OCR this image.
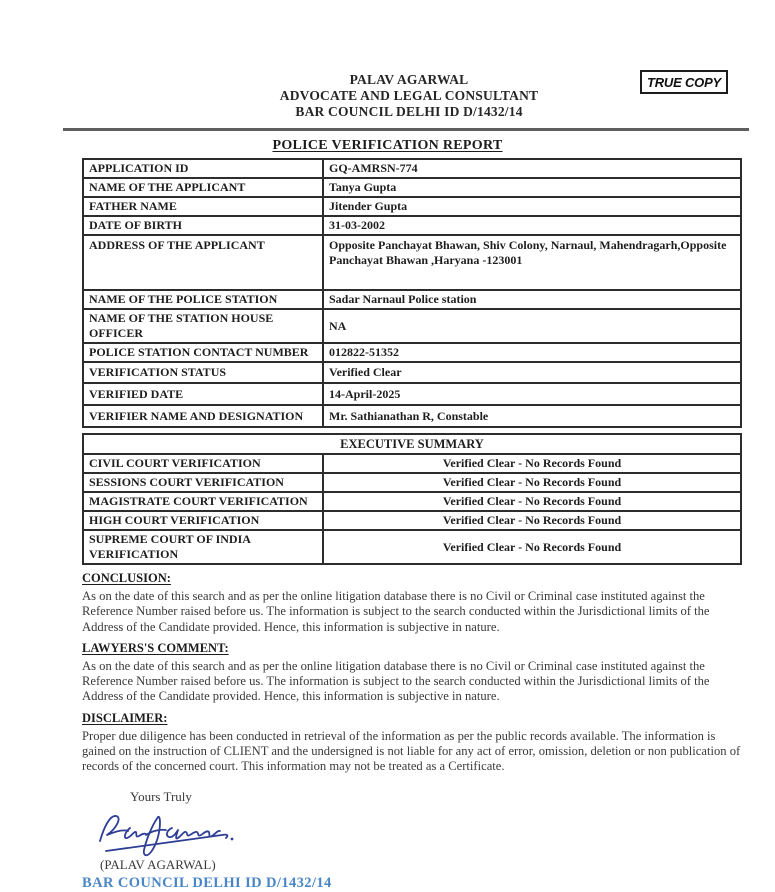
PALAV AGARWAL
ADVOCATE AND LEGAL CONSULTANT
BAR COUNCIL DELHI ID D/1432/14
TRUE COPY
POLICE VERIFICATION REPORT
APPLICATION ID	GQ-AMRSN-774
NAME OF THE APPLICANT	Tanya Gupta
FATHER NAME	Jitender Gupta
DATE OF BIRTH	31-03-2002
ADDRESS OF THE APPLICANT	Opposite Panchayat Bhawan, Shiv Colony, Narnaul, Mahendragarh,Opposite Panchayat Bhawan ,Haryana -123001
NAME OF THE POLICE STATION	Sadar Narnaul Police station
NAME OF THE STATION HOUSE OFFICER	NA
POLICE STATION CONTACT NUMBER	012822-51352
VERIFICATION STATUS	Verified Clear
VERIFIED DATE	14-April-2025
VERIFIER NAME AND DESIGNATION	Mr. Sathianathan R, Constable
EXECUTIVE SUMMARY	
CIVIL COURT VERIFICATION	Verified Clear - No Records Found
SESSIONS COURT VERIFICATION	Verified Clear - No Records Found
MAGISTRATE COURT VERIFICATION	Verified Clear - No Records Found
HIGH COURT VERIFICATION	Verified Clear - No Records Found
SUPREME COURT OF INDIA VERIFICATION	Verified Clear - No Records Found
CONCLUSION:

As on the date of this search and as per the online litigation database there is no Civil or Criminal case instituted against the Reference Number raised before us. The information is subject to the search conducted within the Jurisdictional limits of the Address of the Candidate provided. Hence, this information is subjective in nature.

LAWYERS'S COMMENT:

As on the date of this search and as per the online litigation database there is no Civil or Criminal case instituted against the Reference Number raised before us. The information is subject to the search conducted within the Jurisdictional limits of the Address of the Candidate provided. Hence, this information is subjective in nature.

DISCLAIMER:

Proper due diligence has been conducted in retrieval of the information as per the public records available. The information is gained on the instruction of CLIENT and the undersigned is not liable for any act of error, omission, deletion or non publication of records of the concerned court. This information may not be treated as a Certificate.

Yours Truly
(PALAV AGARWAL)
BAR COUNCIL DELHI ID D/1432/14
